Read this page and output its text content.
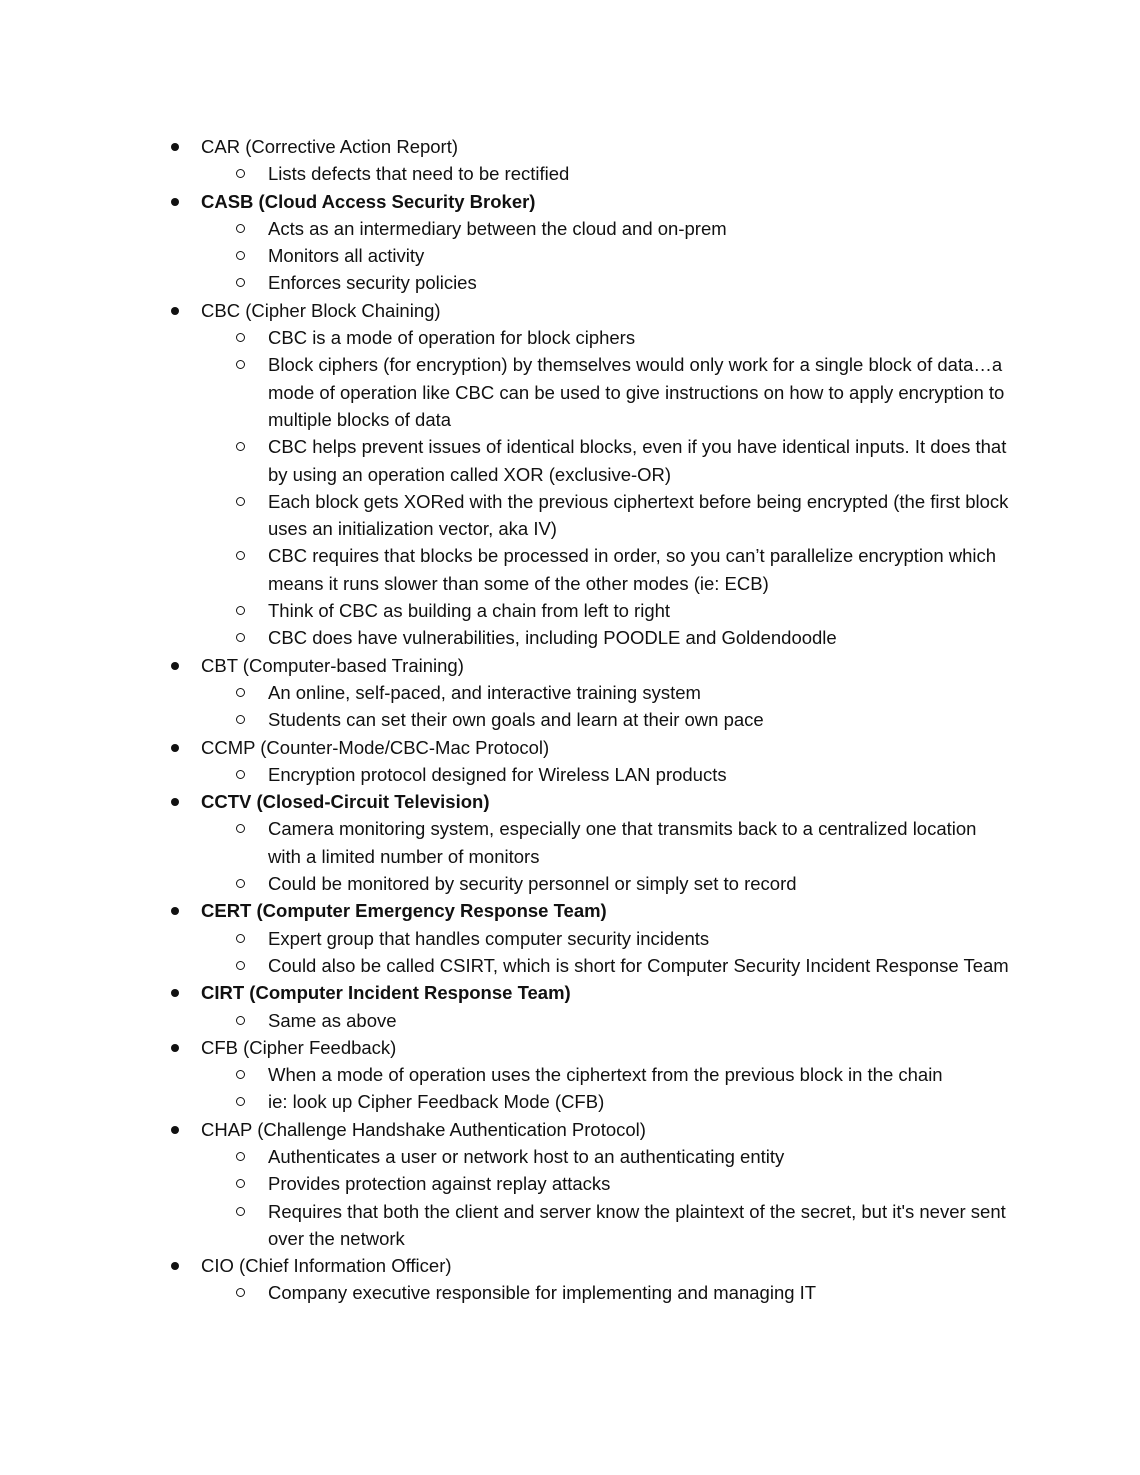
CAR (Corrective Action Report)
Lists defects that need to be rectified
CASB (Cloud Access Security Broker)
Acts as an intermediary between the cloud and on-prem
Monitors all activity
Enforces security policies
CBC (Cipher Block Chaining)
CBC is a mode of operation for block ciphers
Block ciphers (for encryption) by themselves would only work for a single block of data…a mode of operation like CBC can be used to give instructions on how to apply encryption to multiple blocks of data
CBC helps prevent issues of identical blocks, even if you have identical inputs. It does that by using an operation called XOR (exclusive-OR)
Each block gets XORed with the previous ciphertext before being encrypted (the first block uses an initialization vector, aka IV)
CBC requires that blocks be processed in order, so you can’t parallelize encryption which means it runs slower than some of the other modes (ie: ECB)
Think of CBC as building a chain from left to right
CBC does have vulnerabilities, including POODLE and Goldendoodle
CBT (Computer-based Training)
An online, self-paced, and interactive training system
Students can set their own goals and learn at their own pace
CCMP (Counter-Mode/CBC-Mac Protocol)
Encryption protocol designed for Wireless LAN products
CCTV (Closed-Circuit Television)
Camera monitoring system, especially one that transmits back to a centralized location with a limited number of monitors
Could be monitored by security personnel or simply set to record
CERT (Computer Emergency Response Team)
Expert group that handles computer security incidents
Could also be called CSIRT, which is short for Computer Security Incident Response Team
CIRT (Computer Incident Response Team)
Same as above
CFB (Cipher Feedback)
When a mode of operation uses the ciphertext from the previous block in the chain
ie: look up Cipher Feedback Mode (CFB)
CHAP (Challenge Handshake Authentication Protocol)
Authenticates a user or network host to an authenticating entity
Provides protection against replay attacks
Requires that both the client and server know the plaintext of the secret, but it's never sent over the network
CIO (Chief Information Officer)
Company executive responsible for implementing and managing IT
